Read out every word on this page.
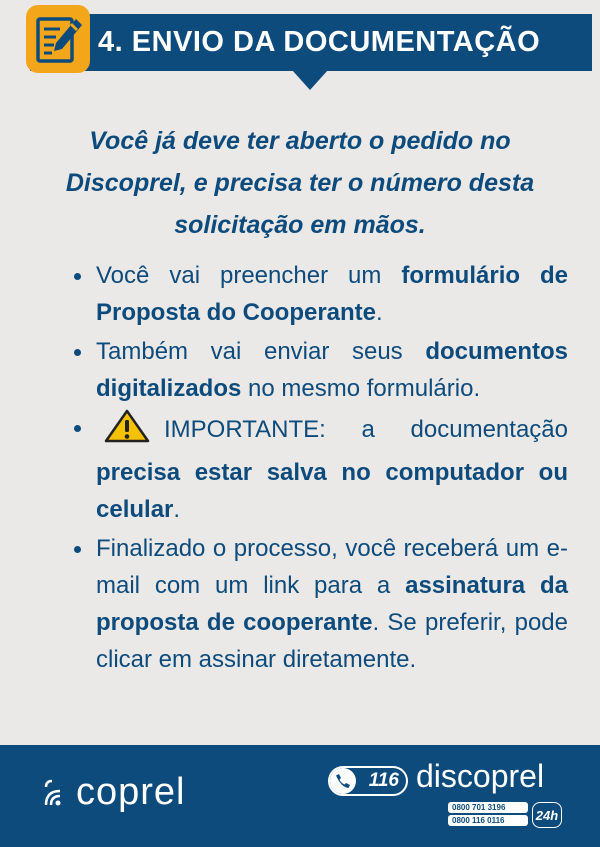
4. ENVIO DA DOCUMENTAÇÃO

Você já deve ter aberto o pedido no Discoprel, e precisa ter o número desta solicitação em mãos.

Você vai preencher um formulário de Proposta do Cooperante.
Também vai enviar seus documentos digitalizados no mesmo formulário.
IMPORTANTE: a documentação precisa estar salva no computador ou celular.
Finalizado o processo, você receberá um e-mail com um link para a assinatura da proposta de cooperante. Se preferir, pode clicar em assinar diretamente.
coprel	116 discoprel
0800 701 3196
0800 116 0116	24h
